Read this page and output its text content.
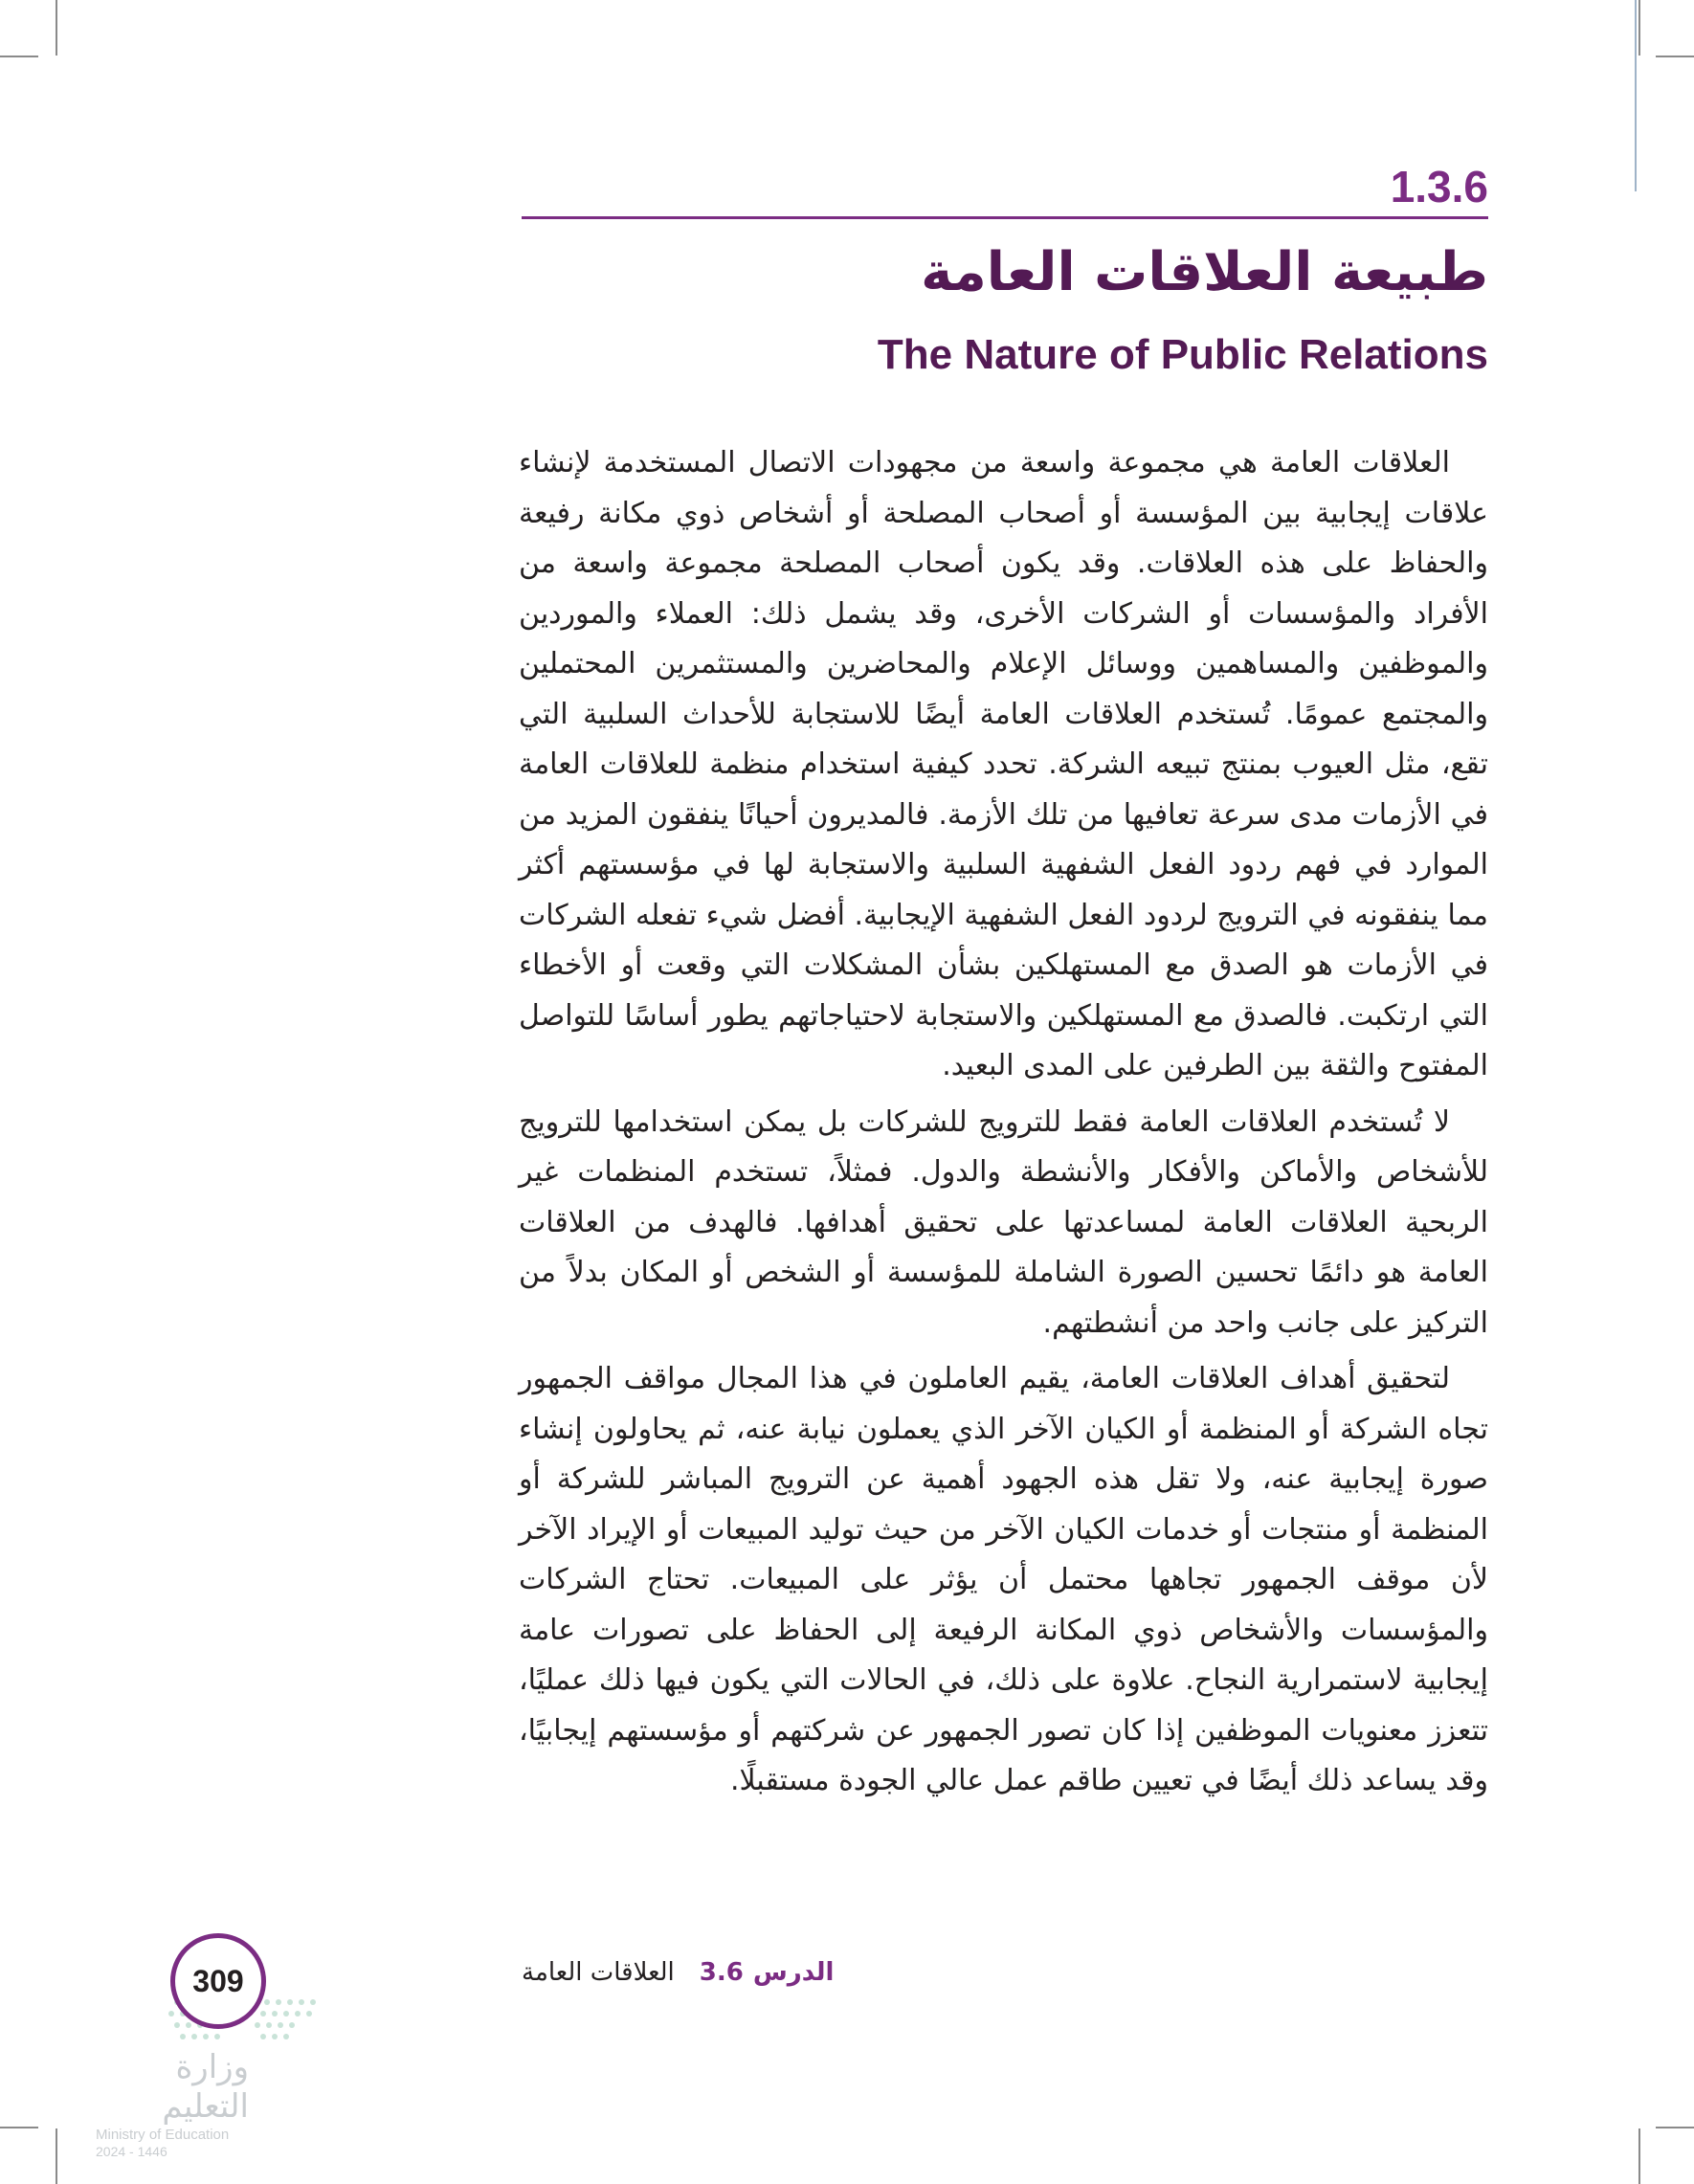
1.3.6
طبيعة العلاقات العامة
The Nature of Public Relations

العلاقات العامة هي مجموعة واسعة من مجهودات الاتصال المستخدمة لإنشاء علاقات إيجابية بين المؤسسة أو أصحاب المصلحة أو أشخاص ذوي مكانة رفيعة والحفاظ على هذه العلاقات. وقد يكون أصحاب المصلحة مجموعة واسعة من الأفراد والمؤسسات أو الشركات الأخرى، وقد يشمل ذلك: العملاء والموردين والموظفين والمساهمين ووسائل الإعلام والمحاضرين والمستثمرين المحتملين والمجتمع عمومًا. تُستخدم العلاقات العامة أيضًا للاستجابة للأحداث السلبية التي تقع، مثل العيوب بمنتج تبيعه الشركة. تحدد كيفية استخدام منظمة للعلاقات العامة في الأزمات مدى سرعة تعافيها من تلك الأزمة. فالمديرون أحيانًا ينفقون المزيد من الموارد في فهم ردود الفعل الشفهية السلبية والاستجابة لها في مؤسستهم أكثر مما ينفقونه في الترويج لردود الفعل الشفهية الإيجابية. أفضل شيء تفعله الشركات في الأزمات هو الصدق مع المستهلكين بشأن المشكلات التي وقعت أو الأخطاء التي ارتكبت. فالصدق مع المستهلكين والاستجابة لاحتياجاتهم يطور أساسًا للتواصل المفتوح والثقة بين الطرفين على المدى البعيد.

لا تُستخدم العلاقات العامة فقط للترويج للشركات بل يمكن استخدامها للترويج للأشخاص والأماكن والأفكار والأنشطة والدول. فمثلاً، تستخدم المنظمات غير الربحية العلاقات العامة لمساعدتها على تحقيق أهدافها. فالهدف من العلاقات العامة هو دائمًا تحسين الصورة الشاملة للمؤسسة أو الشخص أو المكان بدلاً من التركيز على جانب واحد من أنشطتهم.

لتحقيق أهداف العلاقات العامة، يقيم العاملون في هذا المجال مواقف الجمهور تجاه الشركة أو المنظمة أو الكيان الآخر الذي يعملون نيابة عنه، ثم يحاولون إنشاء صورة إيجابية عنه، ولا تقل هذه الجهود أهمية عن الترويج المباشر للشركة أو المنظمة أو منتجات أو خدمات الكيان الآخر من حيث توليد المبيعات أو الإيراد الآخر لأن موقف الجمهور تجاهها محتمل أن يؤثر على المبيعات. تحتاج الشركات والمؤسسات والأشخاص ذوي المكانة الرفيعة إلى الحفاظ على تصورات عامة إيجابية لاستمرارية النجاح. علاوة على ذلك، في الحالات التي يكون فيها ذلك عمليًا، تتعزز معنويات الموظفين إذا كان تصور الجمهور عن شركتهم أو مؤسستهم إيجابيًا، وقد يساعد ذلك أيضًا في تعيين طاقم عمل عالي الجودة مستقبلًا.

309	الدرس3.6العلاقات العامة
وزارة التعليم
Ministry of Education
2024 - 1446
